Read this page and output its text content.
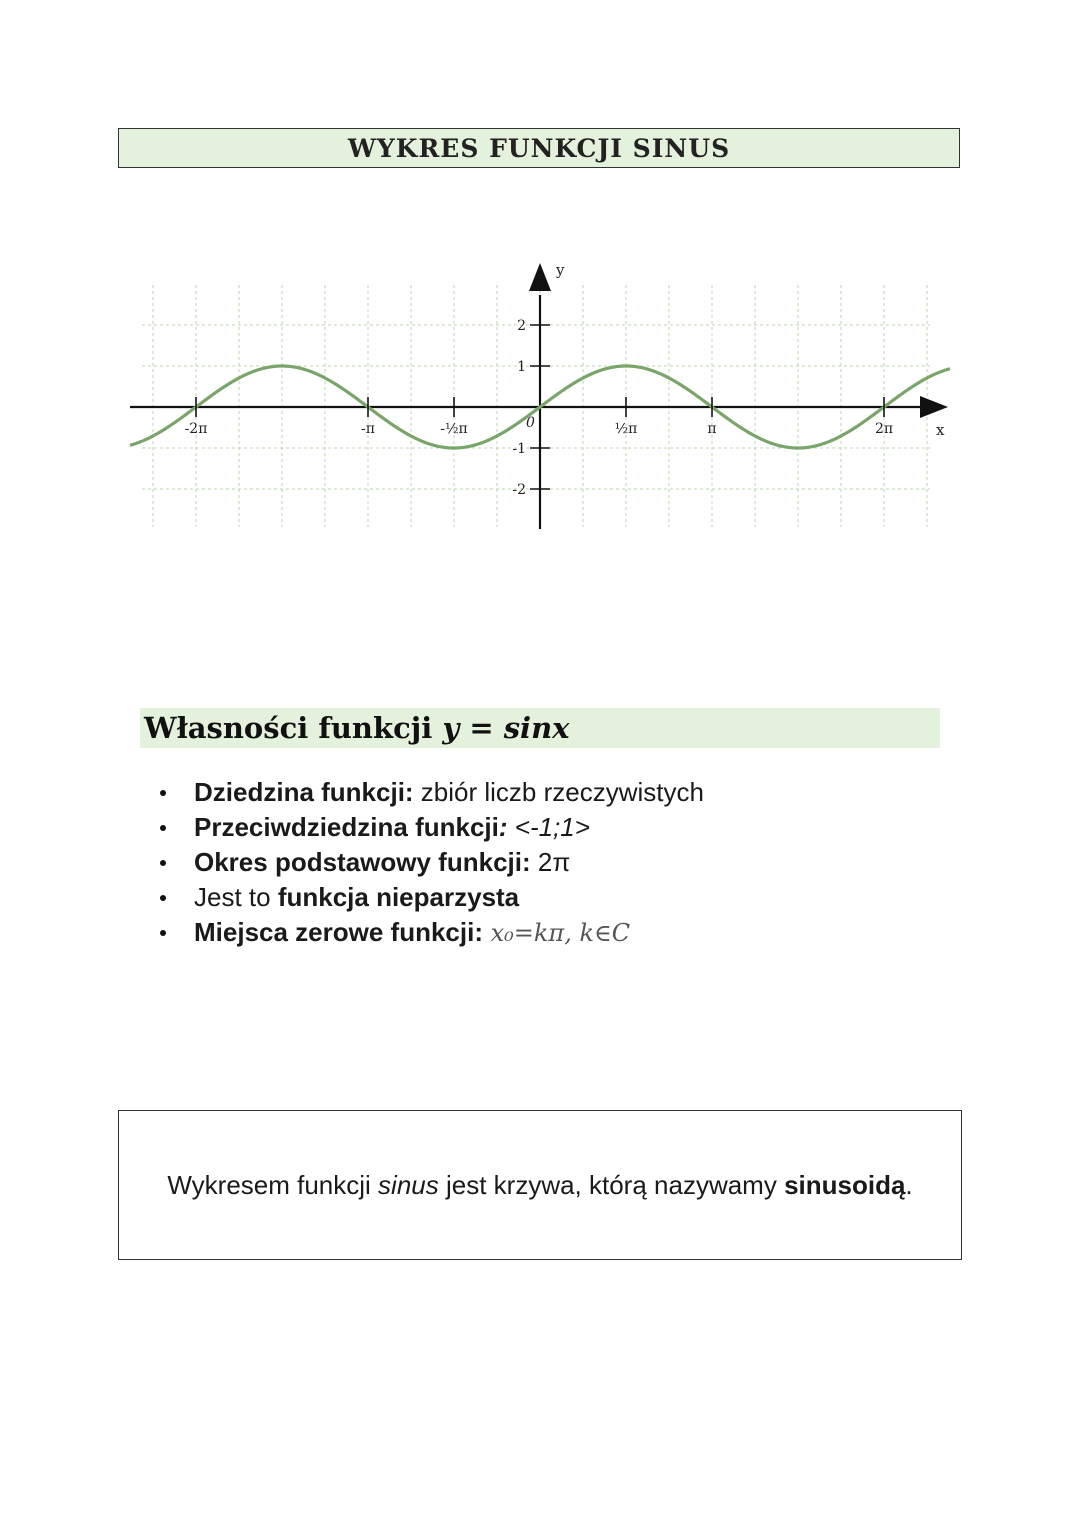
WYKRES FUNKCJI SINUS
-2π	-π	-½π	½π	π	2π
2
1
-1
-2
x
y
0
Własności funkcji y = sinx
Dziedzina funkcji: zbiór liczb rzeczywistych
Przeciwdziedzina funkcji: <-1;1>
Okres podstawowy funkcji: 2π
Jest to funkcja nieparzysta
Miejsca zerowe funkcji: x₀=kπ, k∈C

Wykresem funkcji sinus jest krzywa, którą nazywamy sinusoidą.
